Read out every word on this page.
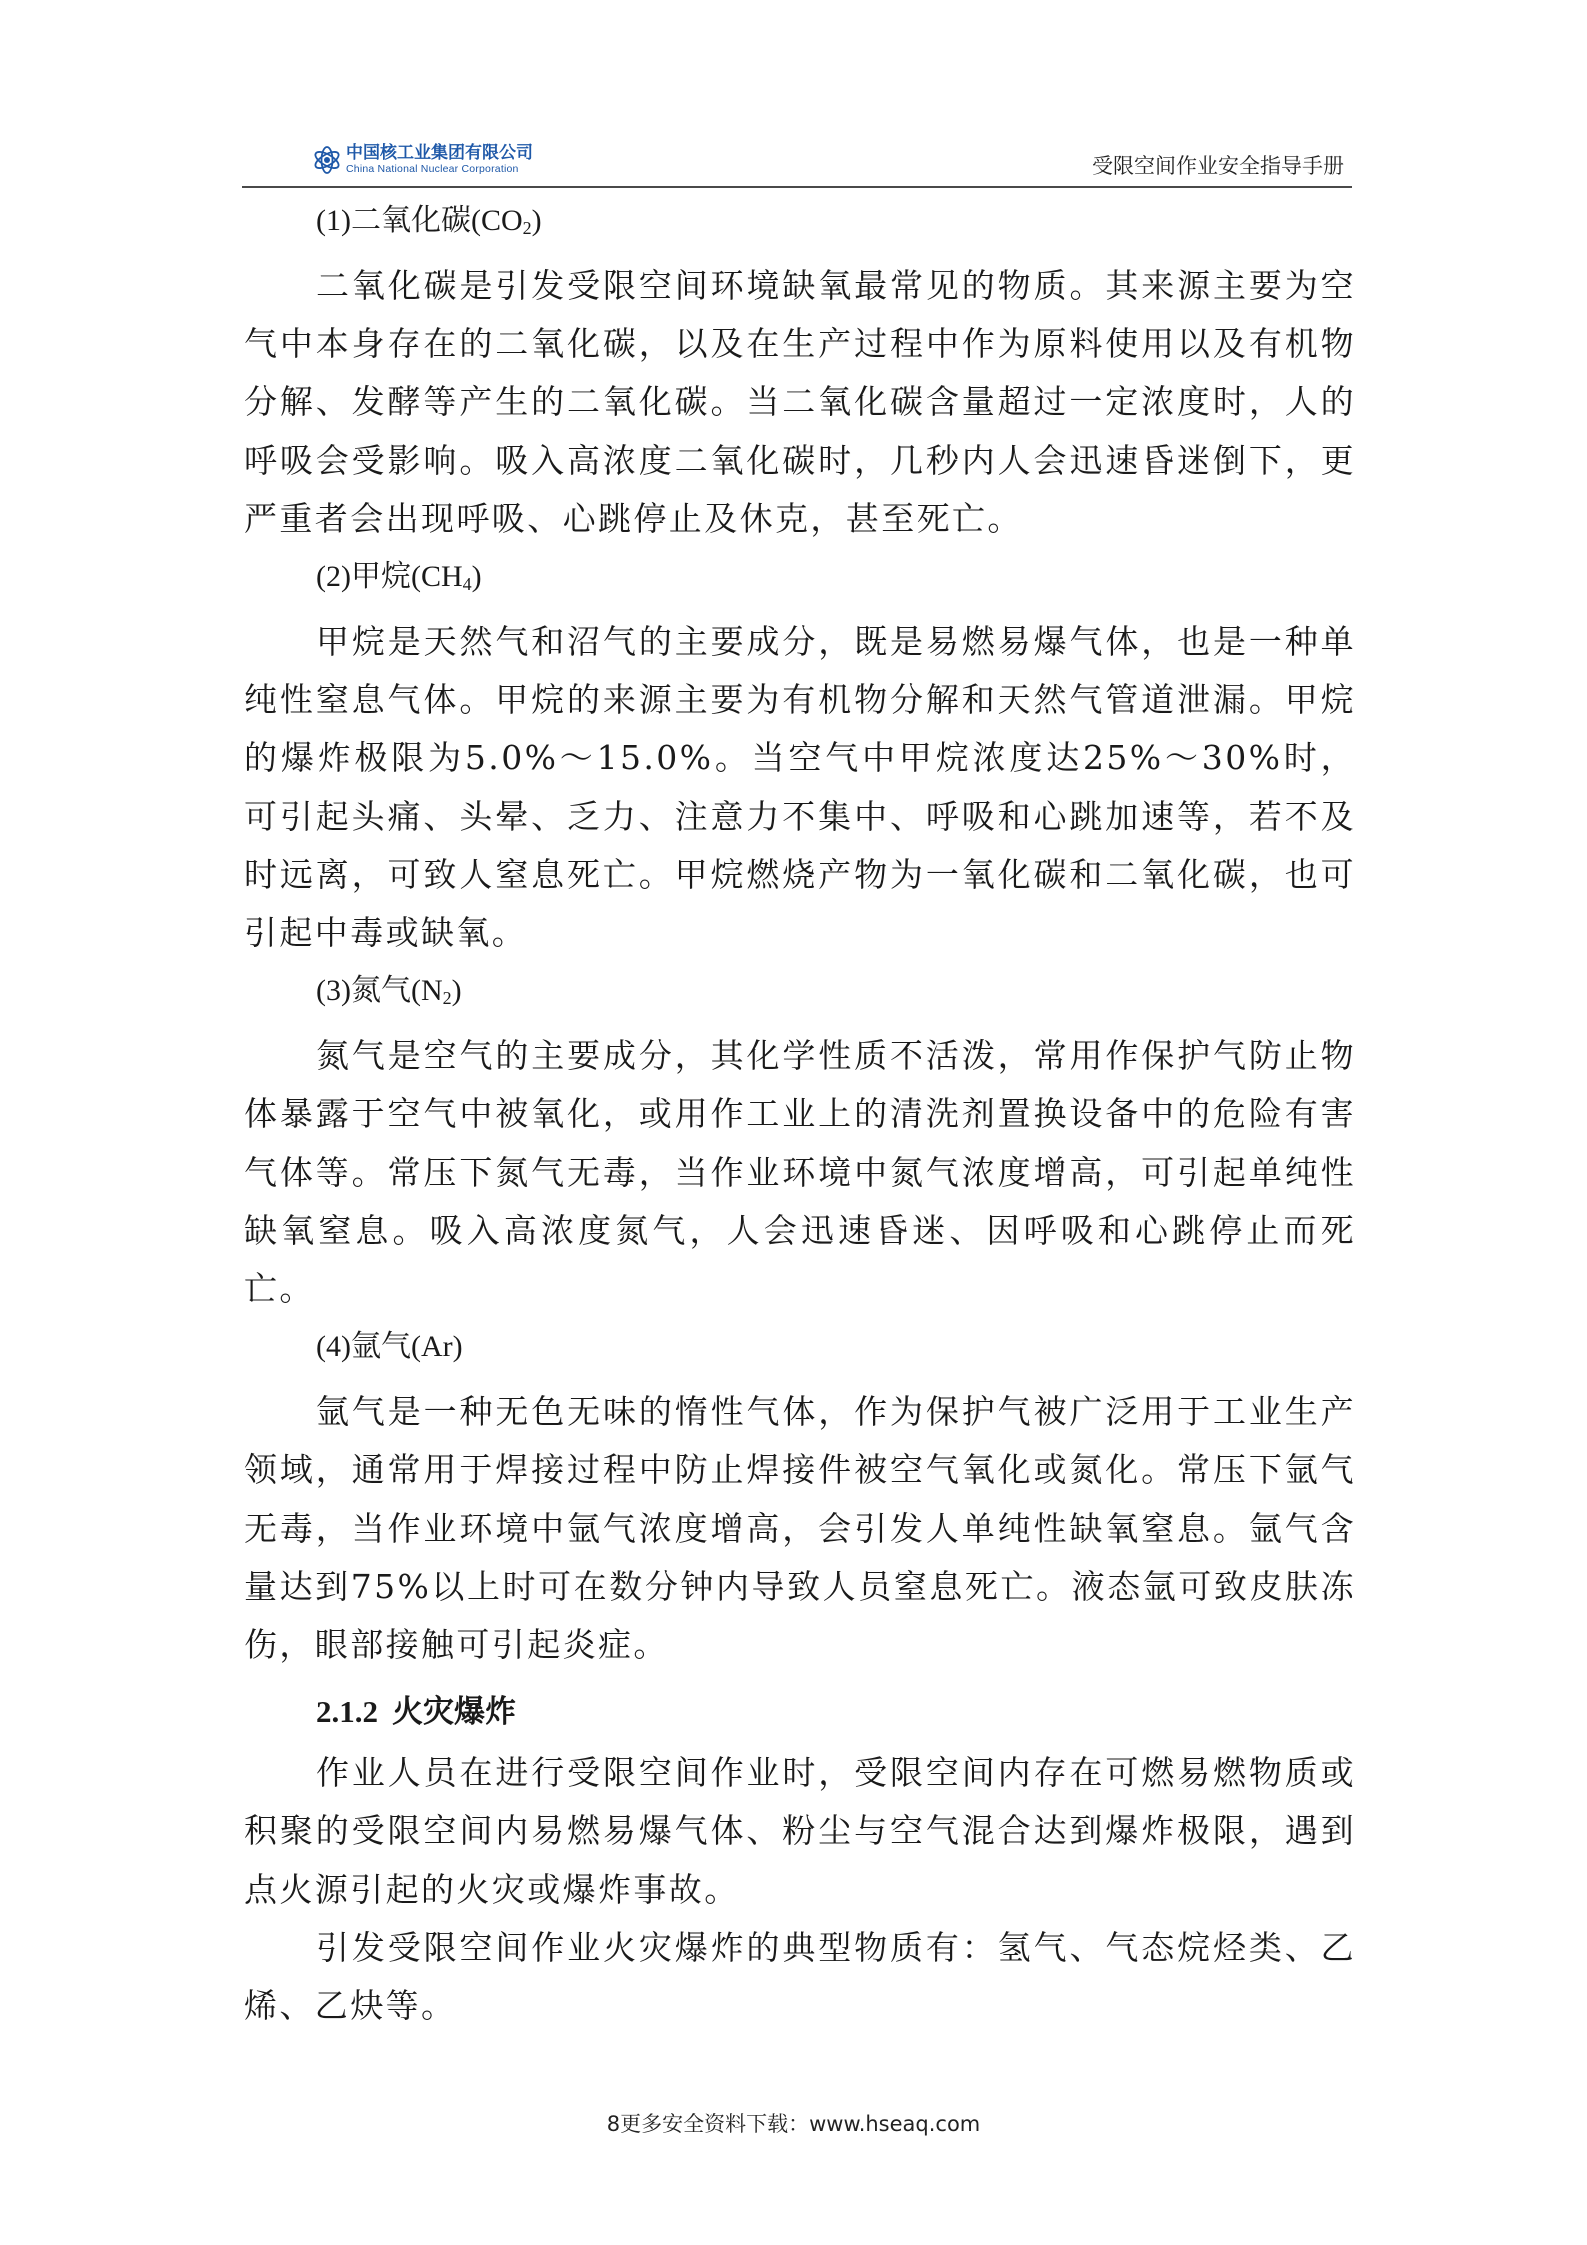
中国核工业集团有限公司
China National Nuclear Corporation	受限空间作业安全指导手册

(1)二氧化碳$(CO_2)$

二氧化碳是引发受限空间环境缺氧最常见的物质。其来源主要为空气中本身存在的二氧化碳，以及在生产过程中作为原料使用以及有机物分解、发酵等产生的二氧化碳。当二氧化碳含量超过一定浓度时，人的呼吸会受影响。吸入高浓度二氧化碳时，几秒内人会迅速昏迷倒下，更严重者会出现呼吸、心跳停止及休克，甚至死亡。

(2)甲烷$(CH_4)$

甲烷是天然气和沼气的主要成分，既是易燃易爆气体，也是一种单纯性窒息气体。甲烷的来源主要为有机物分解和天然气管道泄漏。甲烷的爆炸极限为5.0%～15.0%。当空气中甲烷浓度达25%～30%时，可引起头痛、头晕、乏力、注意力不集中、呼吸和心跳加速等，若不及时远离，可致人窒息死亡。甲烷燃烧产物为一氧化碳和二氧化碳，也可引起中毒或缺氧。

(3)氮气$(N_2)$

氮气是空气的主要成分，其化学性质不活泼，常用作保护气防止物体暴露于空气中被氧化，或用作工业上的清洗剂置换设备中的危险有害气体等。常压下氮气无毒，当作业环境中氮气浓度增高，可引起单纯性缺氧窒息。吸入高浓度氮气，人会迅速昏迷、因呼吸和心跳停止而死亡。

(4)氩气(Ar)

氩气是一种无色无味的惰性气体，作为保护气被广泛用于工业生产领域，通常用于焊接过程中防止焊接件被空气氧化或氮化。常压下氩气无毒，当作业环境中氩气浓度增高，会引发人单纯性缺氧窒息。氩气含量达到75%以上时可在数分钟内导致人员窒息死亡。液态氩可致皮肤冻伤，眼部接触可引起炎症。

2.1.2 火灾爆炸

作业人员在进行受限空间作业时，受限空间内存在可燃易燃物质或积聚的受限空间内易燃易爆气体、粉尘与空气混合达到爆炸极限，遇到点火源引起的火灾或爆炸事故。

引发受限空间作业火灾爆炸的典型物质有：氢气、气态烷烃类、乙烯、乙炔等。

8更多安全资料下载：www.hseaq.com
